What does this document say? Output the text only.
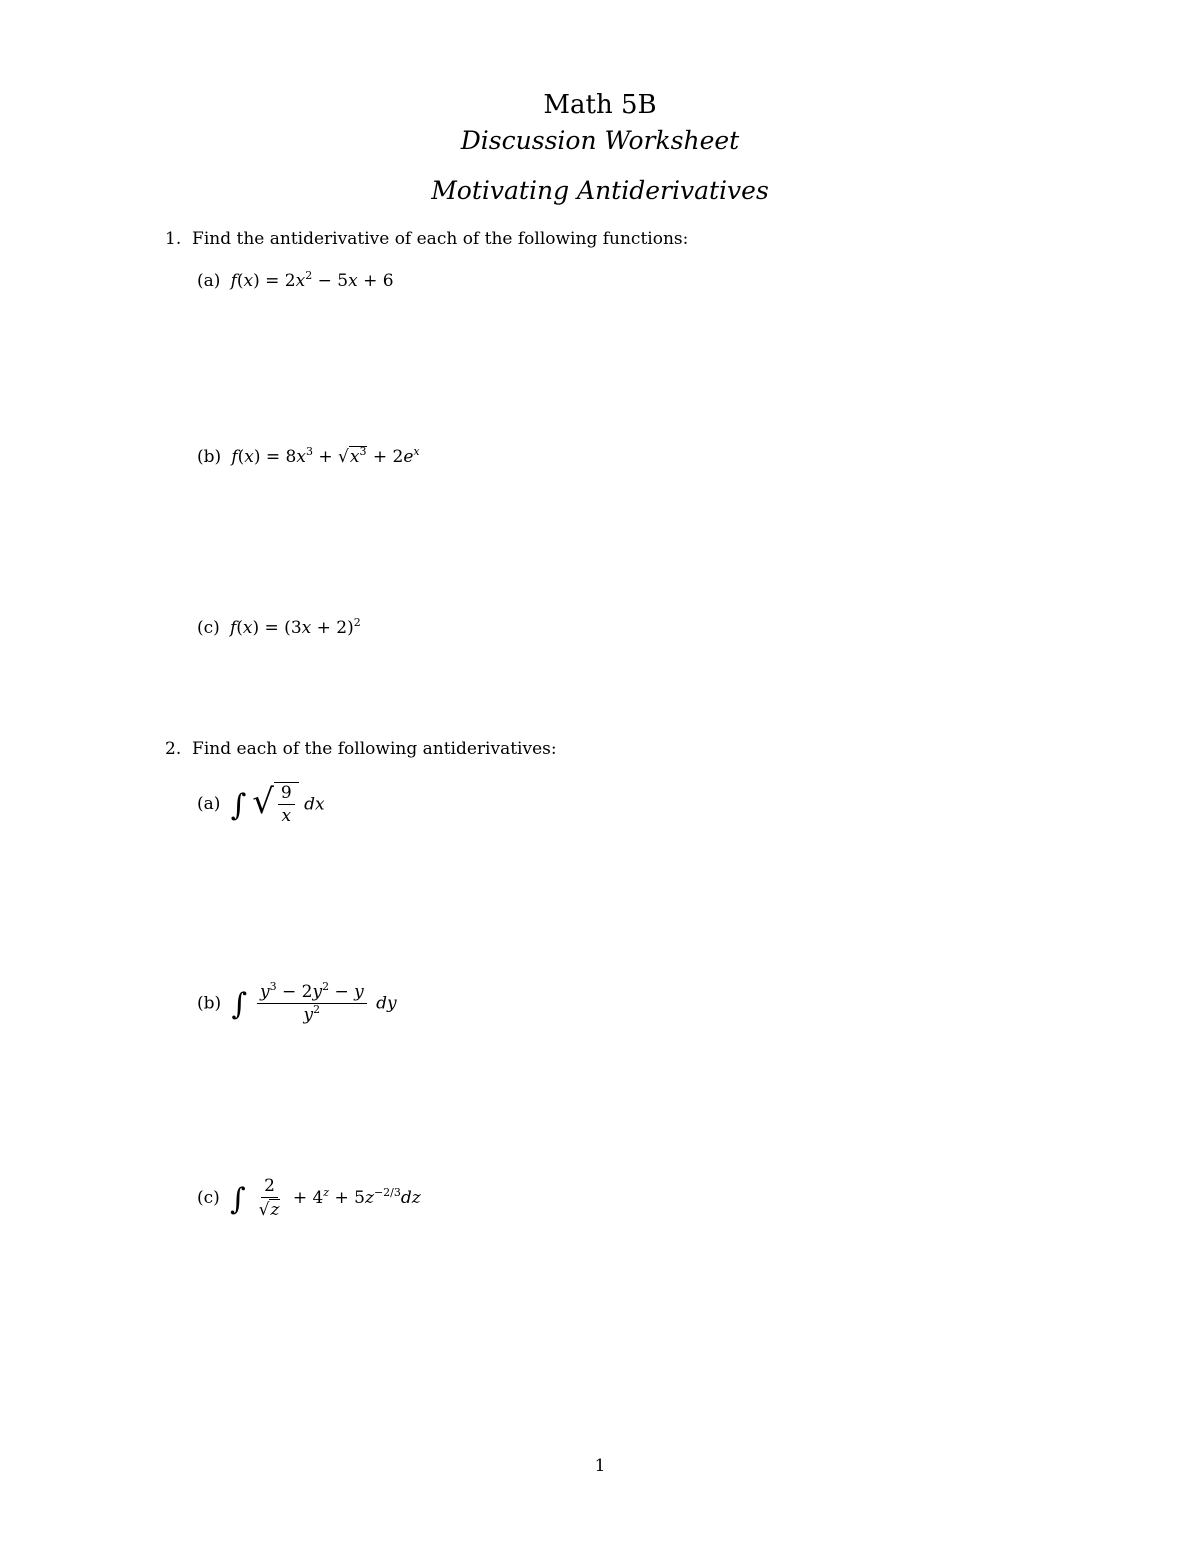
Math 5B
Discussion Worksheet
Motivating Antiderivatives
1. Find the antiderivative of each of the following functions:
(a) $f(x) = 2x^2 - 5x + 6$
(b) $f(x) = 8x^3$ + √ $x^3 + 2e^x$
(c) $f(x) = (3x + 2)^2$
2. Find each of the following antiderivatives:
(a) ∫ √ $\frac{9}{x}$ dx
(b) ∫ $\frac{y^3 - 2y^2 - y}{y^2}$ dy
(c) ∫ $\frac{2}{√ z} + 4^z + 5z^{-2/3}dz$
1
